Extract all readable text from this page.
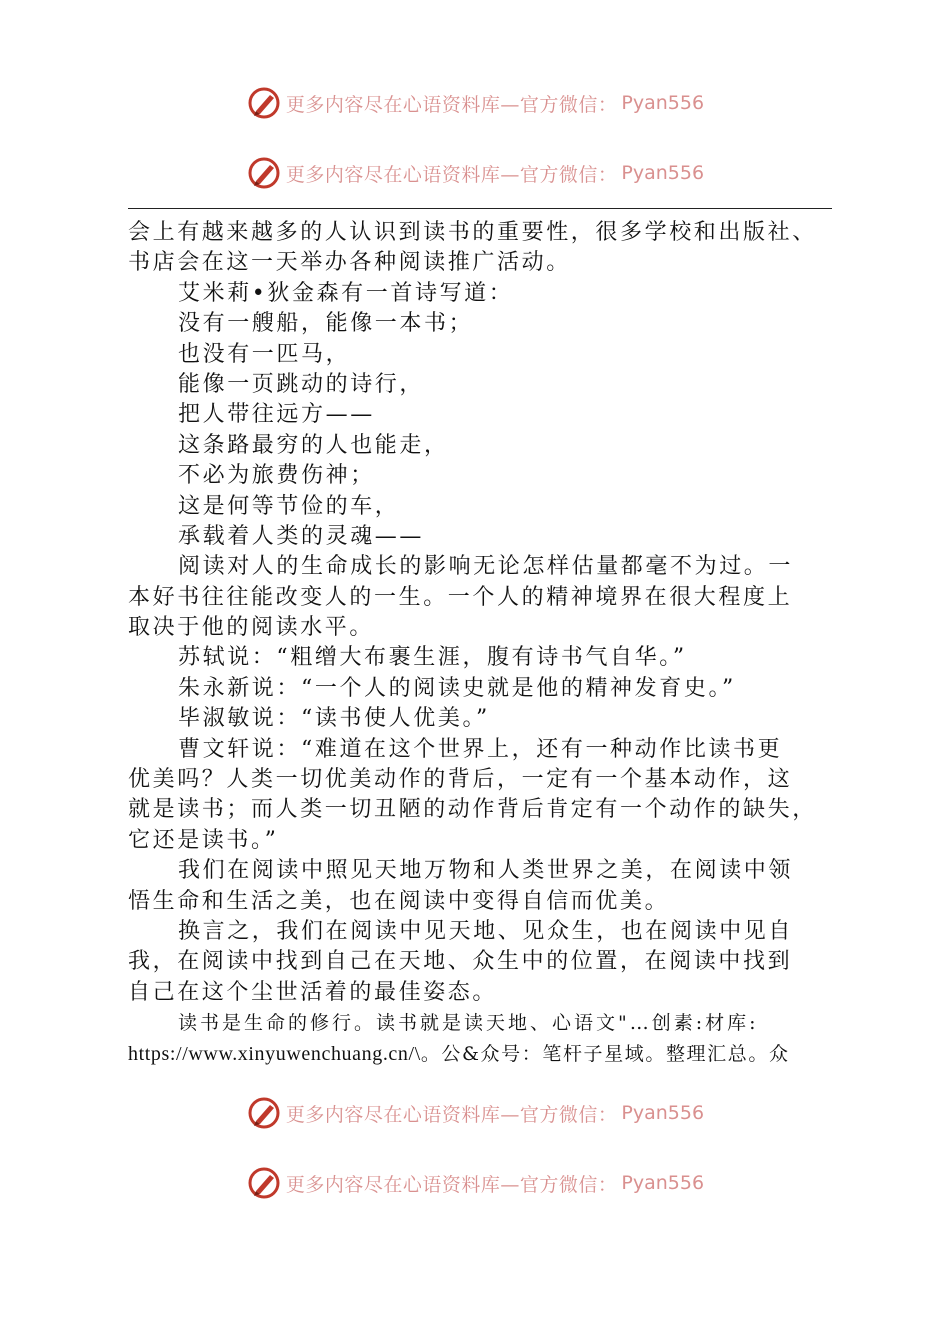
更多内容尽在心语资料库—官方微信： Pyan556
更多内容尽在心语资料库—官方微信： Pyan556
会上有越来越多的人认识到读书的重要性，很多学校和出版社、
书店会在这一天举办各种阅读推广活动。
艾米莉•狄金森有一首诗写道：
没有一艘船，能像一本书；
也没有一匹马，
能像一页跳动的诗行，
把人带往远方——
这条路最穷的人也能走，
不必为旅费伤神；
这是何等节俭的车，
承载着人类的灵魂——
阅读对人的生命成长的影响无论怎样估量都毫不为过。一
本好书往往能改变人的一生。一个人的精神境界在很大程度上
取决于他的阅读水平。
苏轼说：“粗缯大布裹生涯，腹有诗书气自华。”
朱永新说：“一个人的阅读史就是他的精神发育史。”
毕淑敏说：“读书使人优美。”
曹文轩说：“难道在这个世界上，还有一种动作比读书更
优美吗？人类一切优美动作的背后，一定有一个基本动作，这
就是读书；而人类一切丑陋的动作背后肯定有一个动作的缺失，
它还是读书。”
我们在阅读中照见天地万物和人类世界之美，在阅读中领
悟生命和生活之美，也在阅读中变得自信而优美。
换言之，我们在阅读中见天地、见众生，也在阅读中见自
我，在阅读中找到自己在天地、众生中的位置，在阅读中找到
自己在这个尘世活着的最佳姿态。
读书是生命的修行。读书就是读天地、心语文"…创素:材库:
https://www.xinyuwenchuang.cn/\。公&众号：笔杆子星域。整理汇总。众
更多内容尽在心语资料库—官方微信： Pyan556
更多内容尽在心语资料库—官方微信： Pyan556
